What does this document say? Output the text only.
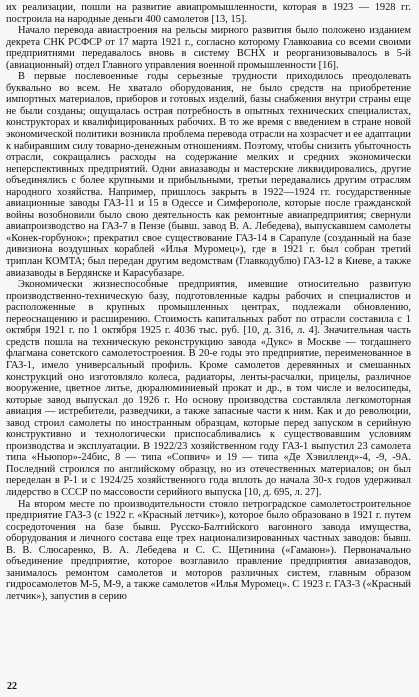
их реализации, пошли на развитие авиапромышленности, которая в 1923 — 1928 гг. построила на народные деньги 400 самолетов [13, 15].

Начало перевода авиастроения на рельсы мирного развития было положено изданием декрета СНК РСФСР от 17 марта 1921 г., согласно которому Главкоавиа со всеми своими предприятиями передавалось вновь в систему ВСНХ и реорганизовывалось в 5-й (авиационный) отдел Главного управления военной промышленности [16].

В первые послевоенные годы серьезные трудности приходилось преодолевать буквально во всем. Не хватало оборудования, не было средств на приобретение импортных материалов, приборов и готовых изделий, базы снабжения внутри страны еще не были созданы; ощущалась острая потребность в опытных технических специалистах, конструкторах и квалифицированных рабочих. В то же время с введением в стране новой экономической политики возникла проблема перевода отрасли на хозрасчет и ее адаптации к набиравшим силу товарно-денежным отношениям. Поэтому, чтобы снизить убыточность отрасли, сокращались расходы на содержание мелких и средних экономически неперспективных предприятий. Одни авиазаводы и мастерские ликвидировались, другие объединялись с более крупными и прибыльными, третьи передавались другим отраслям народного хозяйства. Например, пришлось закрыть в 1922—1924 гг. государственные авиационные заводы ГАЗ-11 и 15 в Одессе и Симферополе, которые после гражданской войны возобновили было свою деятельность как ремонтные авиапредприятия; свернули авиапроизводство на ГАЗ-7 в Пензе (бывш. завод В. А. Лебедева), выпускавшем самолеты «Конек-горбунок»; прекратил свое существование ГАЗ-14 в Сарапуле (созданный на базе дивизиона воздушных кораблей «Илья Муромец»), где в 1921 г. был собран третий триплан КОМТА; был передан другим ведомствам (Главкодублю) ГАЗ-12 в Киеве, а также авиазаводы в Бердянске и Карасубазаре.

Экономически жизнеспособные предприятия, имевшие относительно развитую производственно-техническую базу, подготовленные кадры рабочих и специалистов и расположенные в крупных промышленных центрах, подлежали обновлению, переоснащению и расширению. Стоимость капитальных работ по отрасли составила с 1 октября 1921 г. по 1 октября 1925 г. 4036 тыс. руб. [10, д. 316, л. 4]. Значительная часть средств пошла на техническую реконструкцию завода «Дукс» в Москве — тогдашнего флагмана советского самолетостроения. В 20-е годы это предприятие, переименованное в ГАЗ-1, имело универсальный профиль. Кроме самолетов деревянных и смешанных конструкций оно изготовляло колеса, радиаторы, ленты-расчалки, прицелы, различное вооружение, цветное литье, дюралюминиевый прокат и др., в том числе и велосипеды, которые завод выпускал до 1926 г. Но основу производства составляла легкомоторная авиация — истребители, разведчики, а также запасные части к ним. Как и до революции, завод строил самолеты по иностранным образцам, которые перед запуском в серийную конструктивно и технологически приспосабливались к существовавшим условиям производства и эксплуатации. В 1922/23 хозяйственном году ГАЗ-1 выпустил 23 самолета типа «Ньюпор»-24бис, 8 — типа «Сопвич» и 19 — типа «Де Хэвилленд»-4, -9, -9А. Последний строился по английскому образцу, но из отечественных материалов; он был переделан в Р-1 и с 1924/25 хозяйственного года вплоть до начала 30-х годов удерживал лидерство в СССР по массовости серийного выпуска [10, д. 695, л. 27].

На втором месте по производительности стояло петроградское самолетостроительное предприятие ГАЗ-3 (с 1922 г. «Красный летчик»), которое было образовано в 1921 г. путем сосредоточения на базе бывш. Русско-Балтийского вагонного завода имущества, оборудования и личного состава еще трех национализированных частных заводов: бывш. В. В. Слюсаренко, В. А. Лебедева и С. С. Щетинина («Гамаюн»). Первоначально объединение предприятие, которое возглавило правление предприятия авиазаводов, занималось ремонтом самолетов и моторов различных систем, главным образом гидросамолетов М-5, М-9, а также самолетов «Илья Муромец». С 1923 г. ГАЗ-3 («Красный летчик»), запустив в серию

22
